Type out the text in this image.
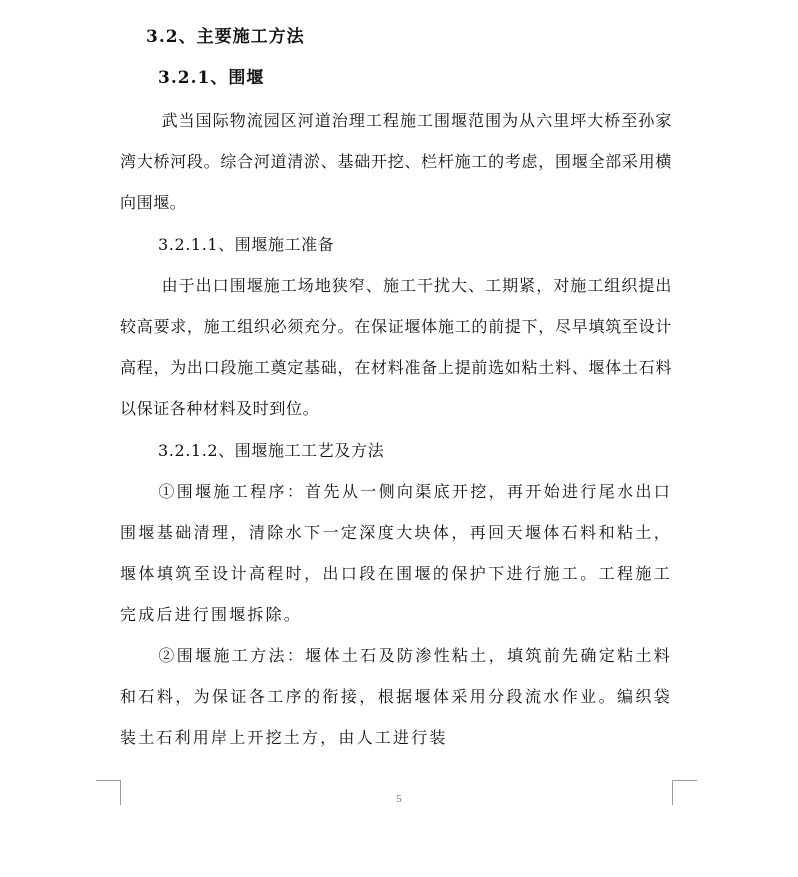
3.2、主要施工方法
3.2.1、围堰

武当国际物流园区河道治理工程施工围堰范围为从六里坪大桥至孙家湾大桥河段。综合河道清淤、基础开挖、栏杆施工的考虑，围堰全部采用横向围堰。

3.2.1.1、围堰施工准备

由于出口围堰施工场地狭窄、施工干扰大、工期紧，对施工组织提出较高要求，施工组织必须充分。在保证堰体施工的前提下，尽早填筑至设计高程，为出口段施工奠定基础，在材料准备上提前选如粘土料、堰体土石料以保证各种材料及时到位。

3.2.1.2、围堰施工工艺及方法

①围堰施工程序：首先从一侧向渠底开挖，再开始进行尾水出口围堰基础清理，清除水下一定深度大块体，再回天堰体石料和粘土，堰体填筑至设计高程时，出口段在围堰的保护下进行施工。工程施工完成后进行围堰拆除。

②围堰施工方法：堰体土石及防渗性粘土，填筑前先确定粘土料和石料，为保证各工序的衔接，根据堰体采用分段流水作业。编织袋装土石利用岸上开挖土方，由人工进行装

5
